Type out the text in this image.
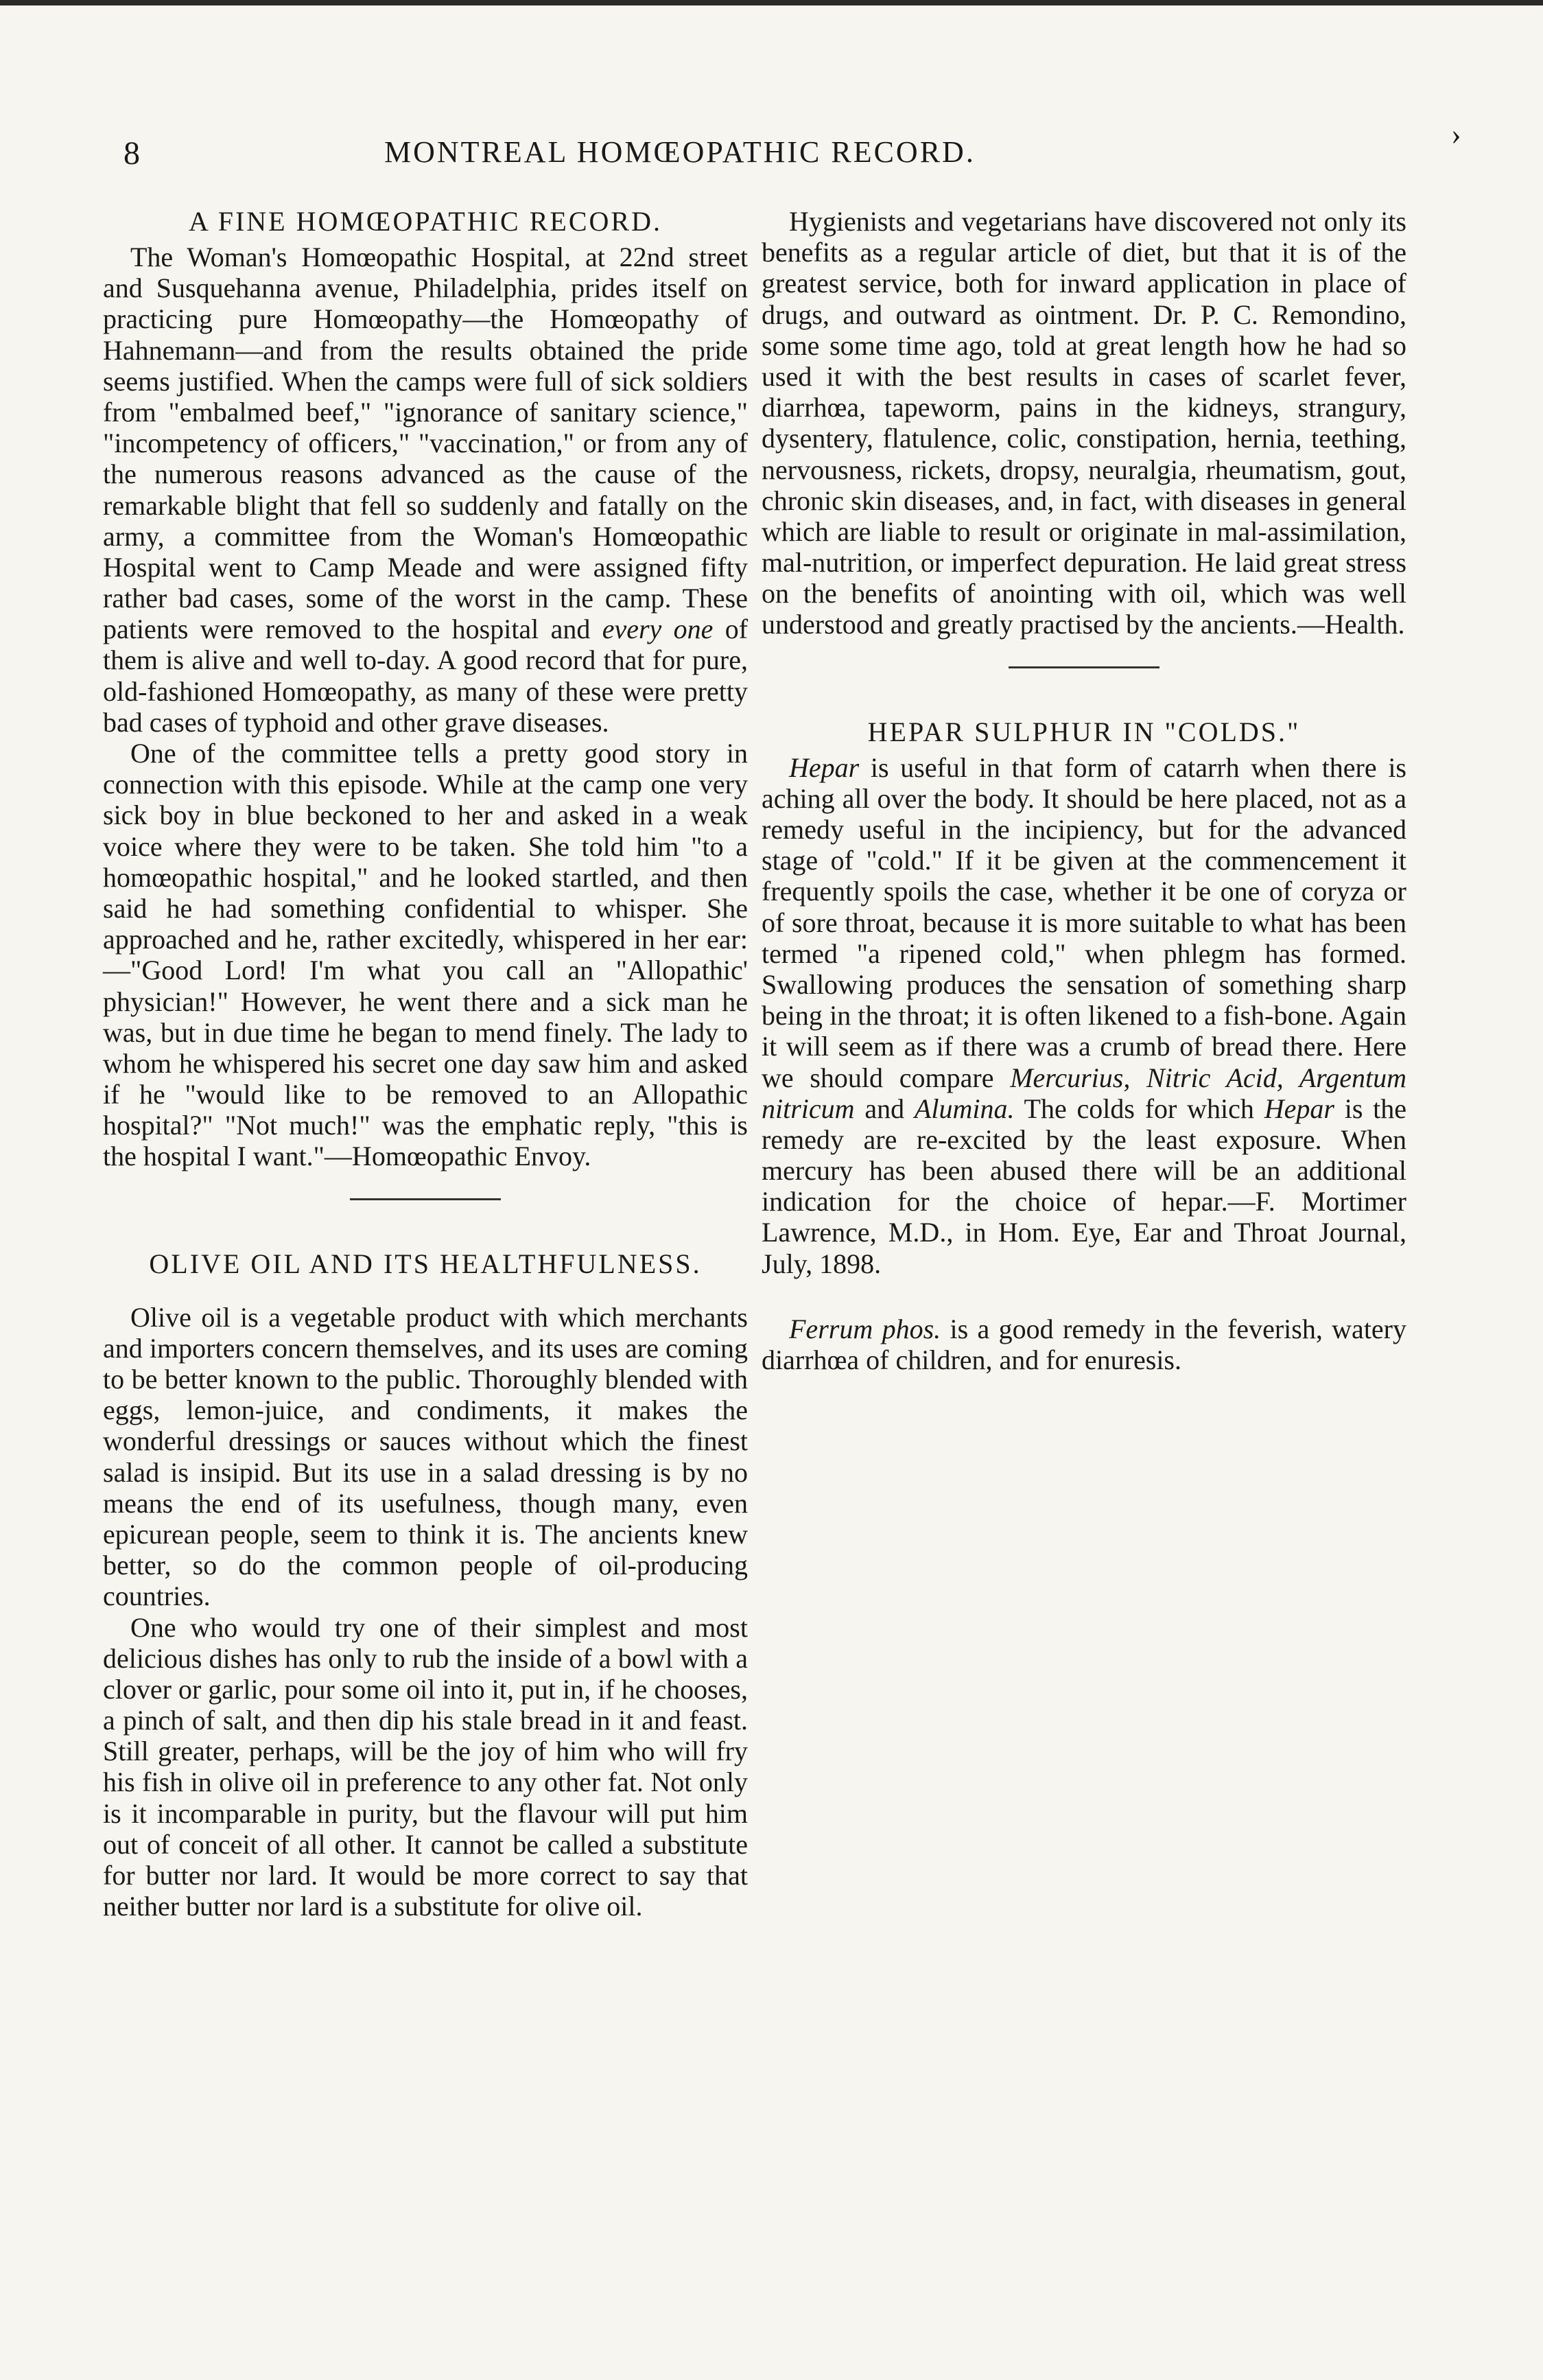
8	MONTREAL HOMŒOPATHIC RECORD.
›
A FINE HOMŒOPATHIC RECORD.

The Woman's Homœopathic Hospital, at 22nd street and Susquehanna avenue, Philadelphia, prides itself on practicing pure Homœopathy—the Homœopathy of Hahnemann—and from the results obtained the pride seems justified. When the camps were full of sick soldiers from "embalmed beef," "ignorance of sanitary science," "incompetency of officers," "vaccination," or from any of the numerous reasons advanced as the cause of the remarkable blight that fell so suddenly and fatally on the army, a committee from the Woman's Homœopathic Hospital went to Camp Meade and were assigned fifty rather bad cases, some of the worst in the camp. These patients were removed to the hospital and every one of them is alive and well to-day. A good record that for pure, old-fashioned Homœopathy, as many of these were pretty bad cases of typhoid and other grave diseases.

One of the committee tells a pretty good story in connection with this episode. While at the camp one very sick boy in blue beckoned to her and asked in a weak voice where they were to be taken. She told him "to a homœopathic hospital," and he looked startled, and then said he had something confidential to whisper. She approached and he, rather excitedly, whispered in her ear:—"Good Lord! I'm what you call an "Allopathic' physician!" However, he went there and a sick man he was, but in due time he began to mend finely. The lady to whom he whispered his secret one day saw him and asked if he "would like to be removed to an Allopathic hospital?" "Not much!" was the emphatic reply, "this is the hospital I want."—Homœopathic Envoy.

OLIVE OIL AND ITS HEALTHFULNESS.

Olive oil is a vegetable product with which merchants and importers concern themselves, and its uses are coming to be better known to the public. Thoroughly blended with eggs, lemon-juice, and condiments, it makes the wonderful dressings or sauces without which the finest salad is insipid. But its use in a salad dressing is by no means the end of its usefulness, though many, even epicurean people, seem to think it is. The ancients knew better, so do the common people of oil-producing countries.

One who would try one of their simplest and most delicious dishes has only to rub the inside of a bowl with a clover or garlic, pour some oil into it, put in, if he chooses, a pinch of salt, and then dip his stale bread in it and feast. Still greater, perhaps, will be the joy of him who will fry his fish in olive oil in preference to any other fat. Not only is it incomparable in purity, but the flavour will put him out of conceit of all other. It cannot be called a substitute for butter nor lard. It would be more correct to say that neither butter nor lard is a substitute for olive oil.

Hygienists and vegetarians have discovered not only its benefits as a regular article of diet, but that it is of the greatest service, both for inward application in place of drugs, and outward as ointment. Dr. P. C. Remondino, some some time ago, told at great length how he had so used it with the best results in cases of scarlet fever, diarrhœa, tapeworm, pains in the kidneys, strangury, dysentery, flatulence, colic, constipation, hernia, teething, nervousness, rickets, dropsy, neuralgia, rheumatism, gout, chronic skin diseases, and, in fact, with diseases in general which are liable to result or originate in mal-assimilation, mal-nutrition, or imperfect depuration. He laid great stress on the benefits of anointing with oil, which was well understood and greatly practised by the ancients.—Health.

HEPAR SULPHUR IN "COLDS."

Hepar is useful in that form of catarrh when there is aching all over the body. It should be here placed, not as a remedy useful in the incipiency, but for the advanced stage of "cold." If it be given at the commencement it frequently spoils the case, whether it be one of coryza or of sore throat, because it is more suitable to what has been termed "a ripened cold," when phlegm has formed. Swallowing produces the sensation of something sharp being in the throat; it is often likened to a fish-bone. Again it will seem as if there was a crumb of bread there. Here we should compare Mercurius, Nitric Acid, Argentum nitricum and Alumina. The colds for which Hepar is the remedy are re-excited by the least exposure. When mercury has been abused there will be an additional indication for the choice of hepar.—F. Mortimer Lawrence, M.D., in Hom. Eye, Ear and Throat Journal, July, 1898.

Ferrum phos. is a good remedy in the feverish, watery diarrhœa of children, and for enuresis.
